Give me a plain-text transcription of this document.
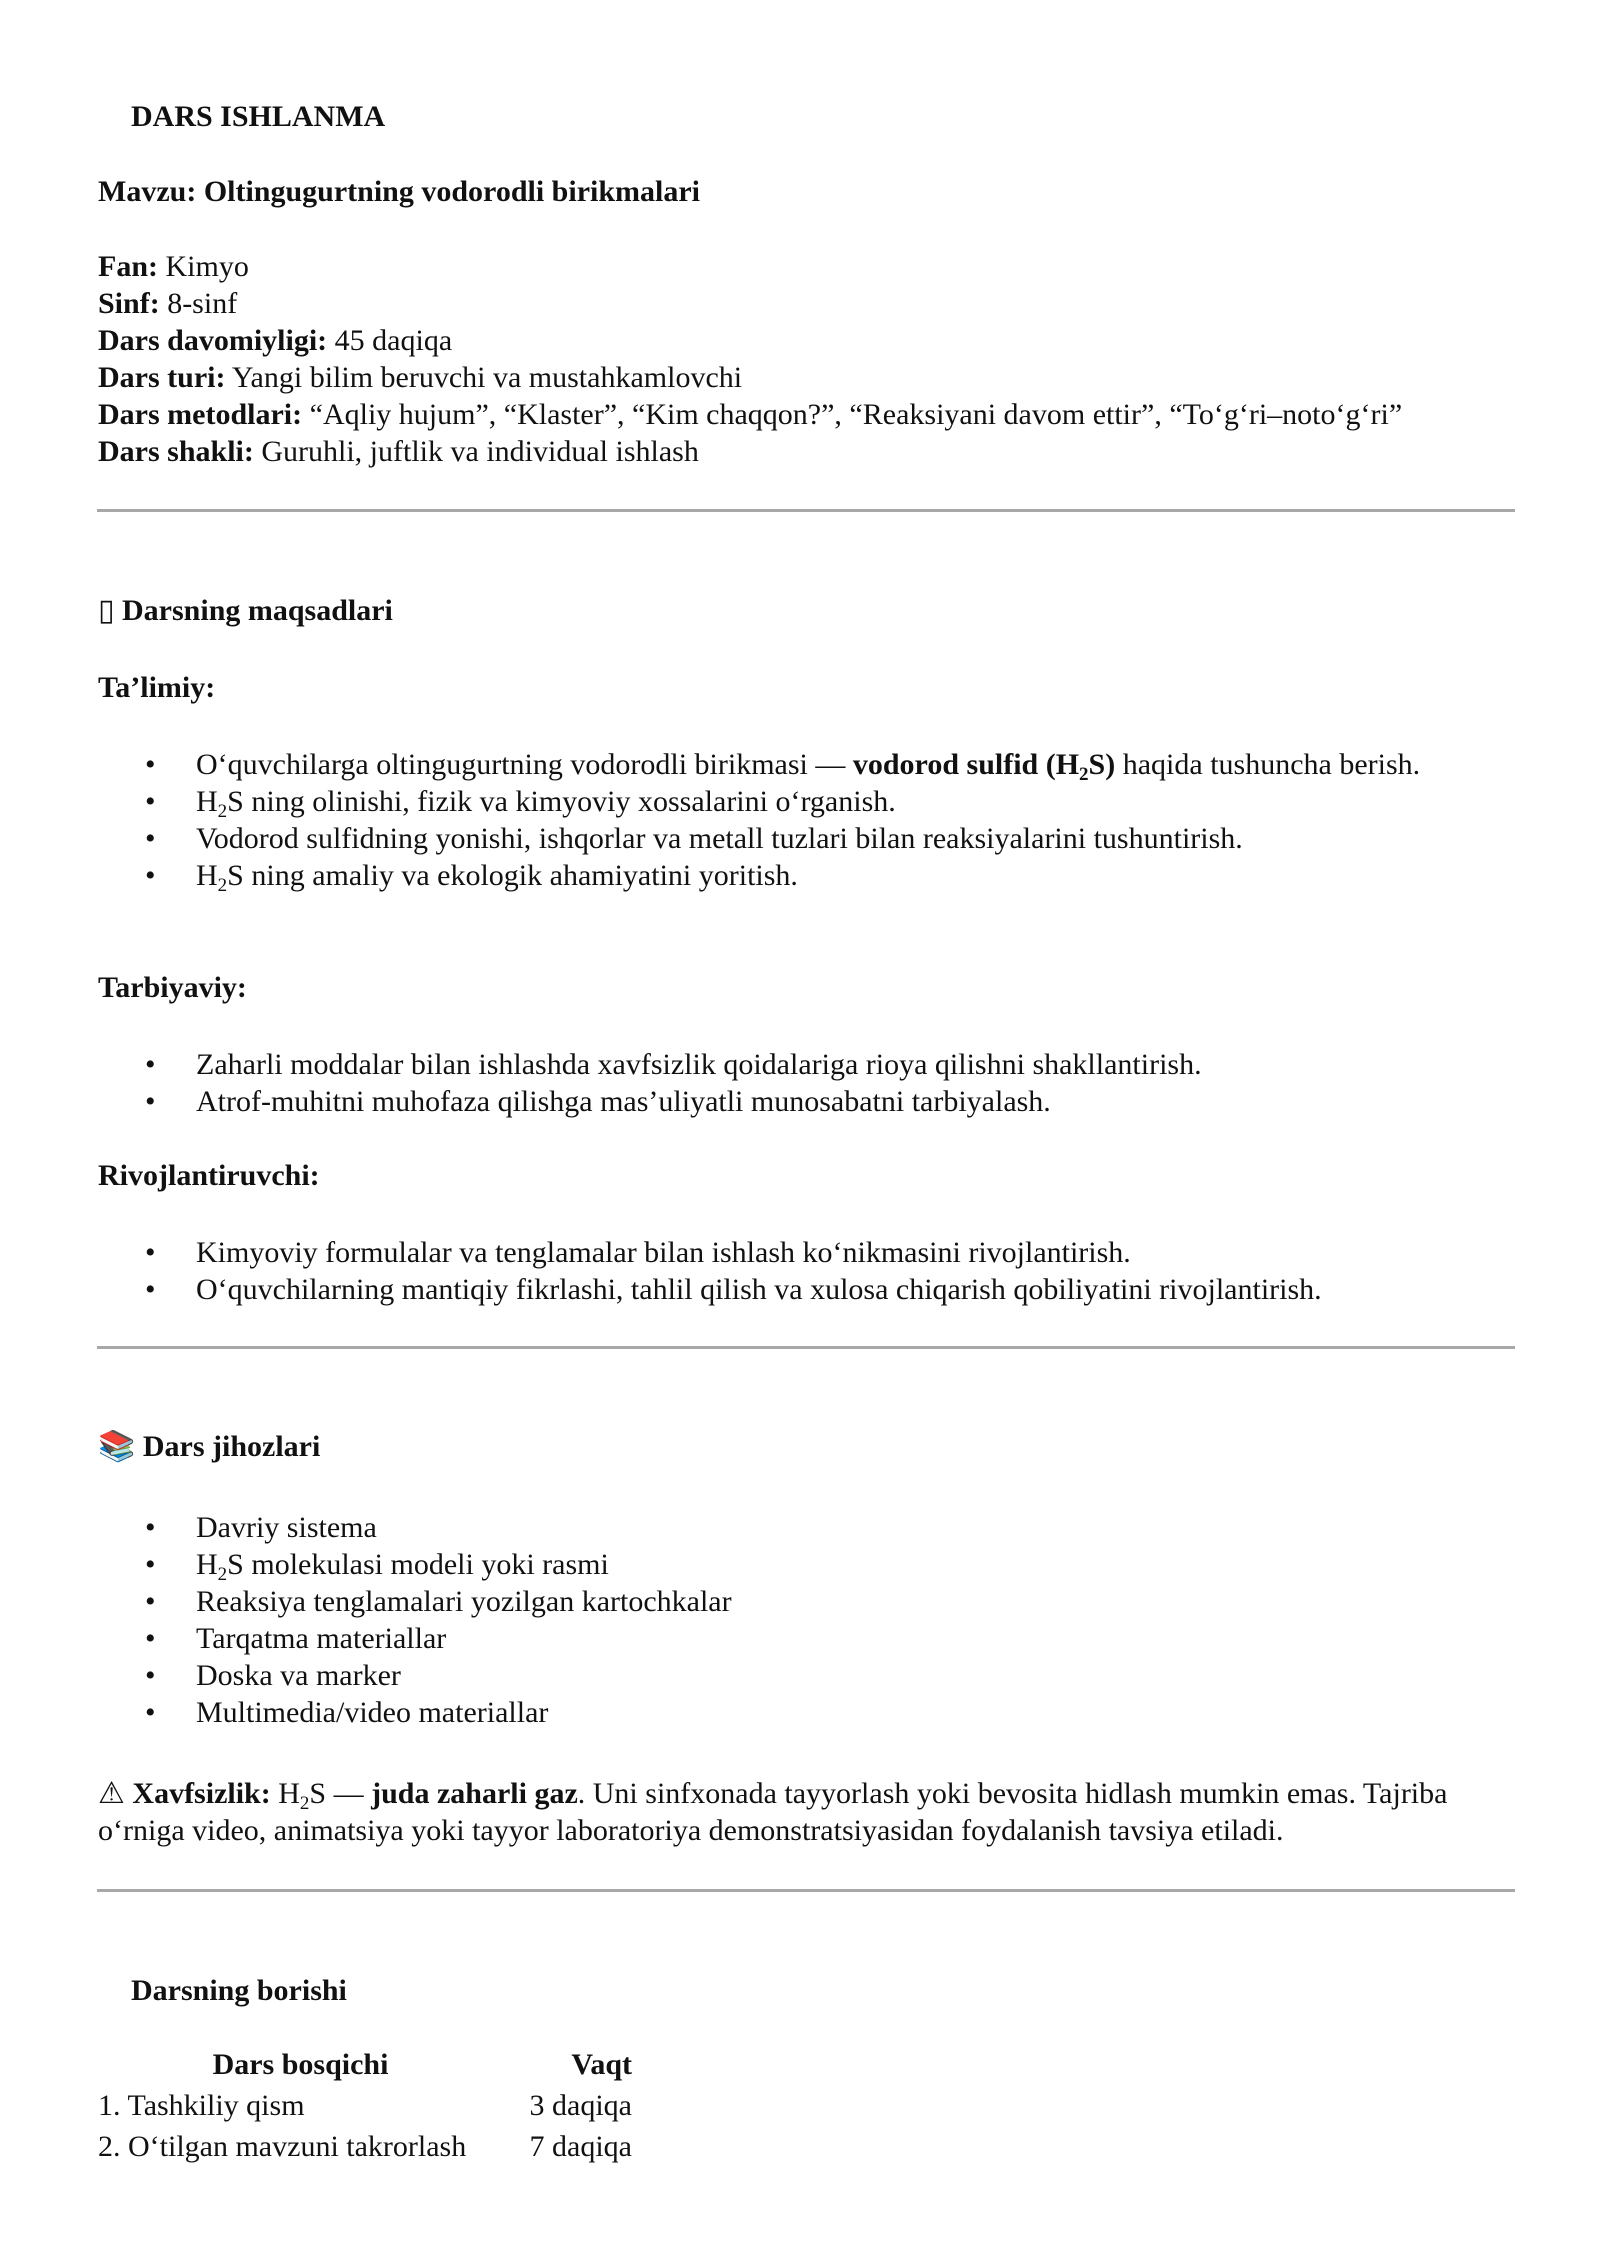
DARS ISHLANMA

Mavzu: Oltingugurtning vodorodli birikmalari

Fan: Kimyo

Sinf: 8-sinf

Dars davomiyligi: 45 daqiqa

Dars turi: Yangi bilim beruvchi va mustahkamlovchi

Dars metodlari: “Aqliy hujum”, “Klaster”, “Kim chaqqon?”, “Reaksiyani davom ettir”, “To‘g‘ri–noto‘g‘ri”

Dars shakli: Guruhli, juftlik va individual ishlash

▯ Darsning maqsadlari

Ta’limiy:

• O‘quvchilarga oltingugurtning vodorodli birikmasi — vodorod sulfid $(H_2S)$ haqida tushuncha berish.
• $H_2S$ ning olinishi, fizik va kimyoviy xossalarini o‘rganish.
• Vodorod sulfidning yonishi, ishqorlar va metall tuzlari bilan reaksiyalarini tushuntirish.
• $H_2S$ ning amaliy va ekologik ahamiyatini yoritish.

Tarbiyaviy:

• Zaharli moddalar bilan ishlashda xavfsizlik qoidalariga rioya qilishni shakllantirish.
• Atrof-muhitni muhofaza qilishga mas’uliyatli munosabatni tarbiyalash.

Rivojlantiruvchi:

• Kimyoviy formulalar va tenglamalar bilan ishlash ko‘nikmasini rivojlantirish.
• O‘quvchilarning mantiqiy fikrlashi, tahlil qilish va xulosa chiqarish qobiliyatini rivojlantirish.

📚 Dars jihozlari

• Davriy sistema
• $H_2S$ molekulasi modeli yoki rasmi
• Reaksiya tenglamalari yozilgan kartochkalar
• Tarqatma materiallar
• Doska va marker
• Multimedia/video materiallar

⚠ Xavfsizlik: $H_2S$ — juda zaharli gaz. Uni sinfxonada tayyorlash yoki bevosita hidlash mumkin emas. Tajriba o‘rniga video, animatsiya yoki tayyor laboratoriya demonstratsiyasidan foydalanish tavsiya etiladi.

Darsning borishi

Dars bosqichi	Vaqt
1. Tashkiliy qism	3 daqiqa
2. O‘tilgan mavzuni takrorlash	7 daqiqa
